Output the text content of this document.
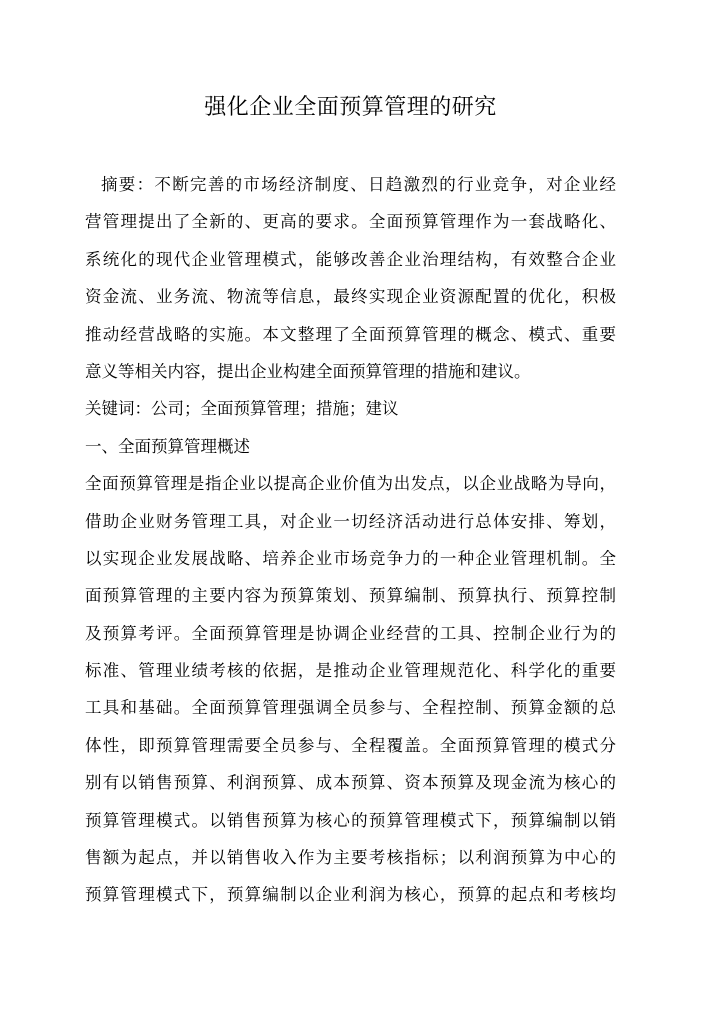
强化企业全面预算管理的研究
摘要：不断完善的市场经济制度、日趋激烈的行业竞争，对企业经
营管理提出了全新的、更高的要求。全面预算管理作为一套战略化、
系统化的现代企业管理模式，能够改善企业治理结构，有效整合企业
资金流、业务流、物流等信息，最终实现企业资源配置的优化，积极
推动经营战略的实施。本文整理了全面预算管理的概念、模式、重要
意义等相关内容，提出企业构建全面预算管理的措施和建议。
关键词：公司；全面预算管理；措施；建议
一、全面预算管理概述
全面预算管理是指企业以提高企业价值为出发点，以企业战略为导向，
借助企业财务管理工具，对企业一切经济活动进行总体安排、筹划，
以实现企业发展战略、培养企业市场竞争力的一种企业管理机制。全
面预算管理的主要内容为预算策划、预算编制、预算执行、预算控制
及预算考评。全面预算管理是协调企业经营的工具、控制企业行为的
标准、管理业绩考核的依据，是推动企业管理规范化、科学化的重要
工具和基础。全面预算管理强调全员参与、全程控制、预算金额的总
体性，即预算管理需要全员参与、全程覆盖。全面预算管理的模式分
别有以销售预算、利润预算、成本预算、资本预算及现金流为核心的
预算管理模式。以销售预算为核心的预算管理模式下，预算编制以销
售额为起点，并以销售收入作为主要考核指标；以利润预算为中心的
预算管理模式下，预算编制以企业利润为核心，预算的起点和考核均
